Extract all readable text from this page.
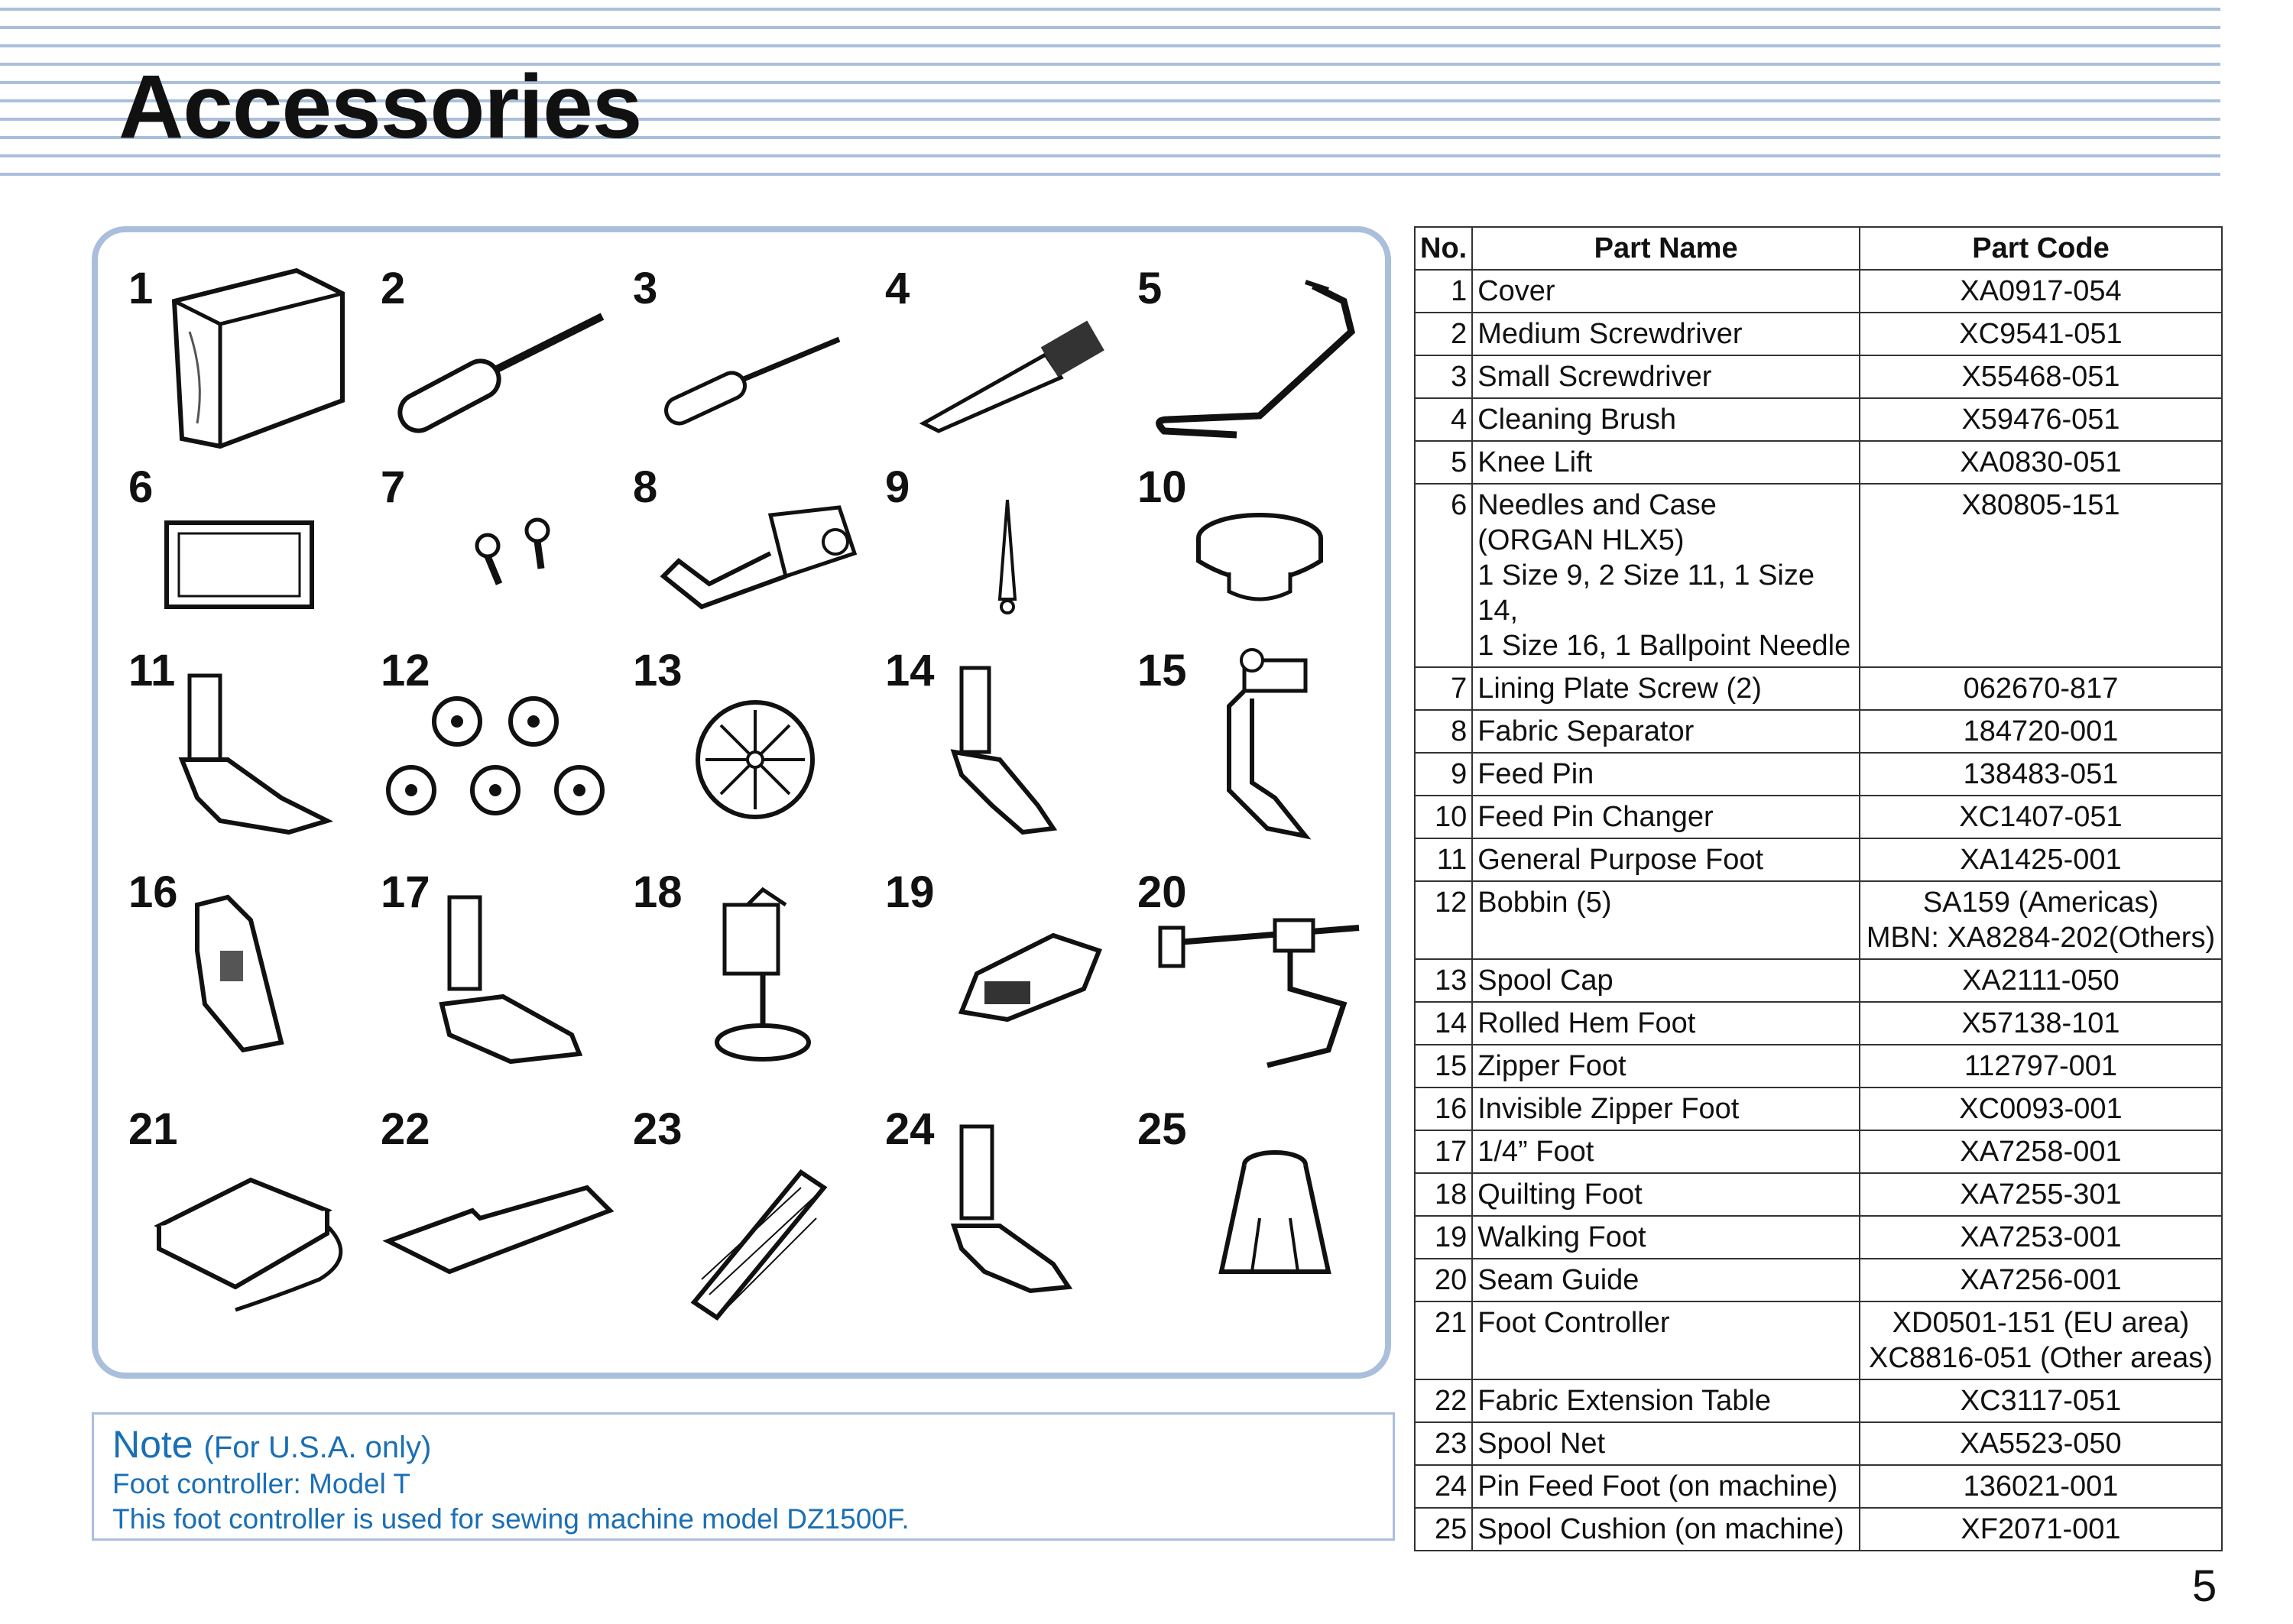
Accessories
1	2	3	4	5
6	7	8	9	10
11	12	13	14	15
16	17	18	19	20
21	22	23	24	25
Note (For U.S.A. only)
Foot controller: Model T
This foot controller is used for sewing machine model DZ1500F.
No.	Part Name	Part Code
1	Cover	XA0917-054
2	Medium Screwdriver	XC9541-051
3	Small Screwdriver	X55468-051
4	Cleaning Brush	X59476-051
5	Knee Lift	XA0830-051
6	Needles and Case
(ORGAN HLX5)
1 Size 9, 2 Size 11, 1 Size 14,
1 Size 16, 1 Ballpoint Needle	X80805-151
7	Lining Plate Screw (2)	062670-817
8	Fabric Separator	184720-001
9	Feed Pin	138483-051
10	Feed Pin Changer	XC1407-051
11	General Purpose Foot	XA1425-001
12	Bobbin (5)	SA159 (Americas)
MBN: XA8284-202(Others)

13	Spool Cap	XA2111-050
14	Rolled Hem Foot	X57138-101
15	Zipper Foot	112797-001
16	Invisible Zipper Foot	XC0093-001
17	1/4” Foot	XA7258-001
18	Quilting Foot	XA7255-301
19	Walking Foot	XA7253-001
20	Seam Guide	XA7256-001
21	Foot Controller	XD0501-151 (EU area)
XC8816-051 (Other areas)

22	Fabric Extension Table	XC3117-051
23	Spool Net	XA5523-050
24	Pin Feed Foot (on machine)	136021-001
25	Spool Cushion (on machine)	XF2071-001
5
